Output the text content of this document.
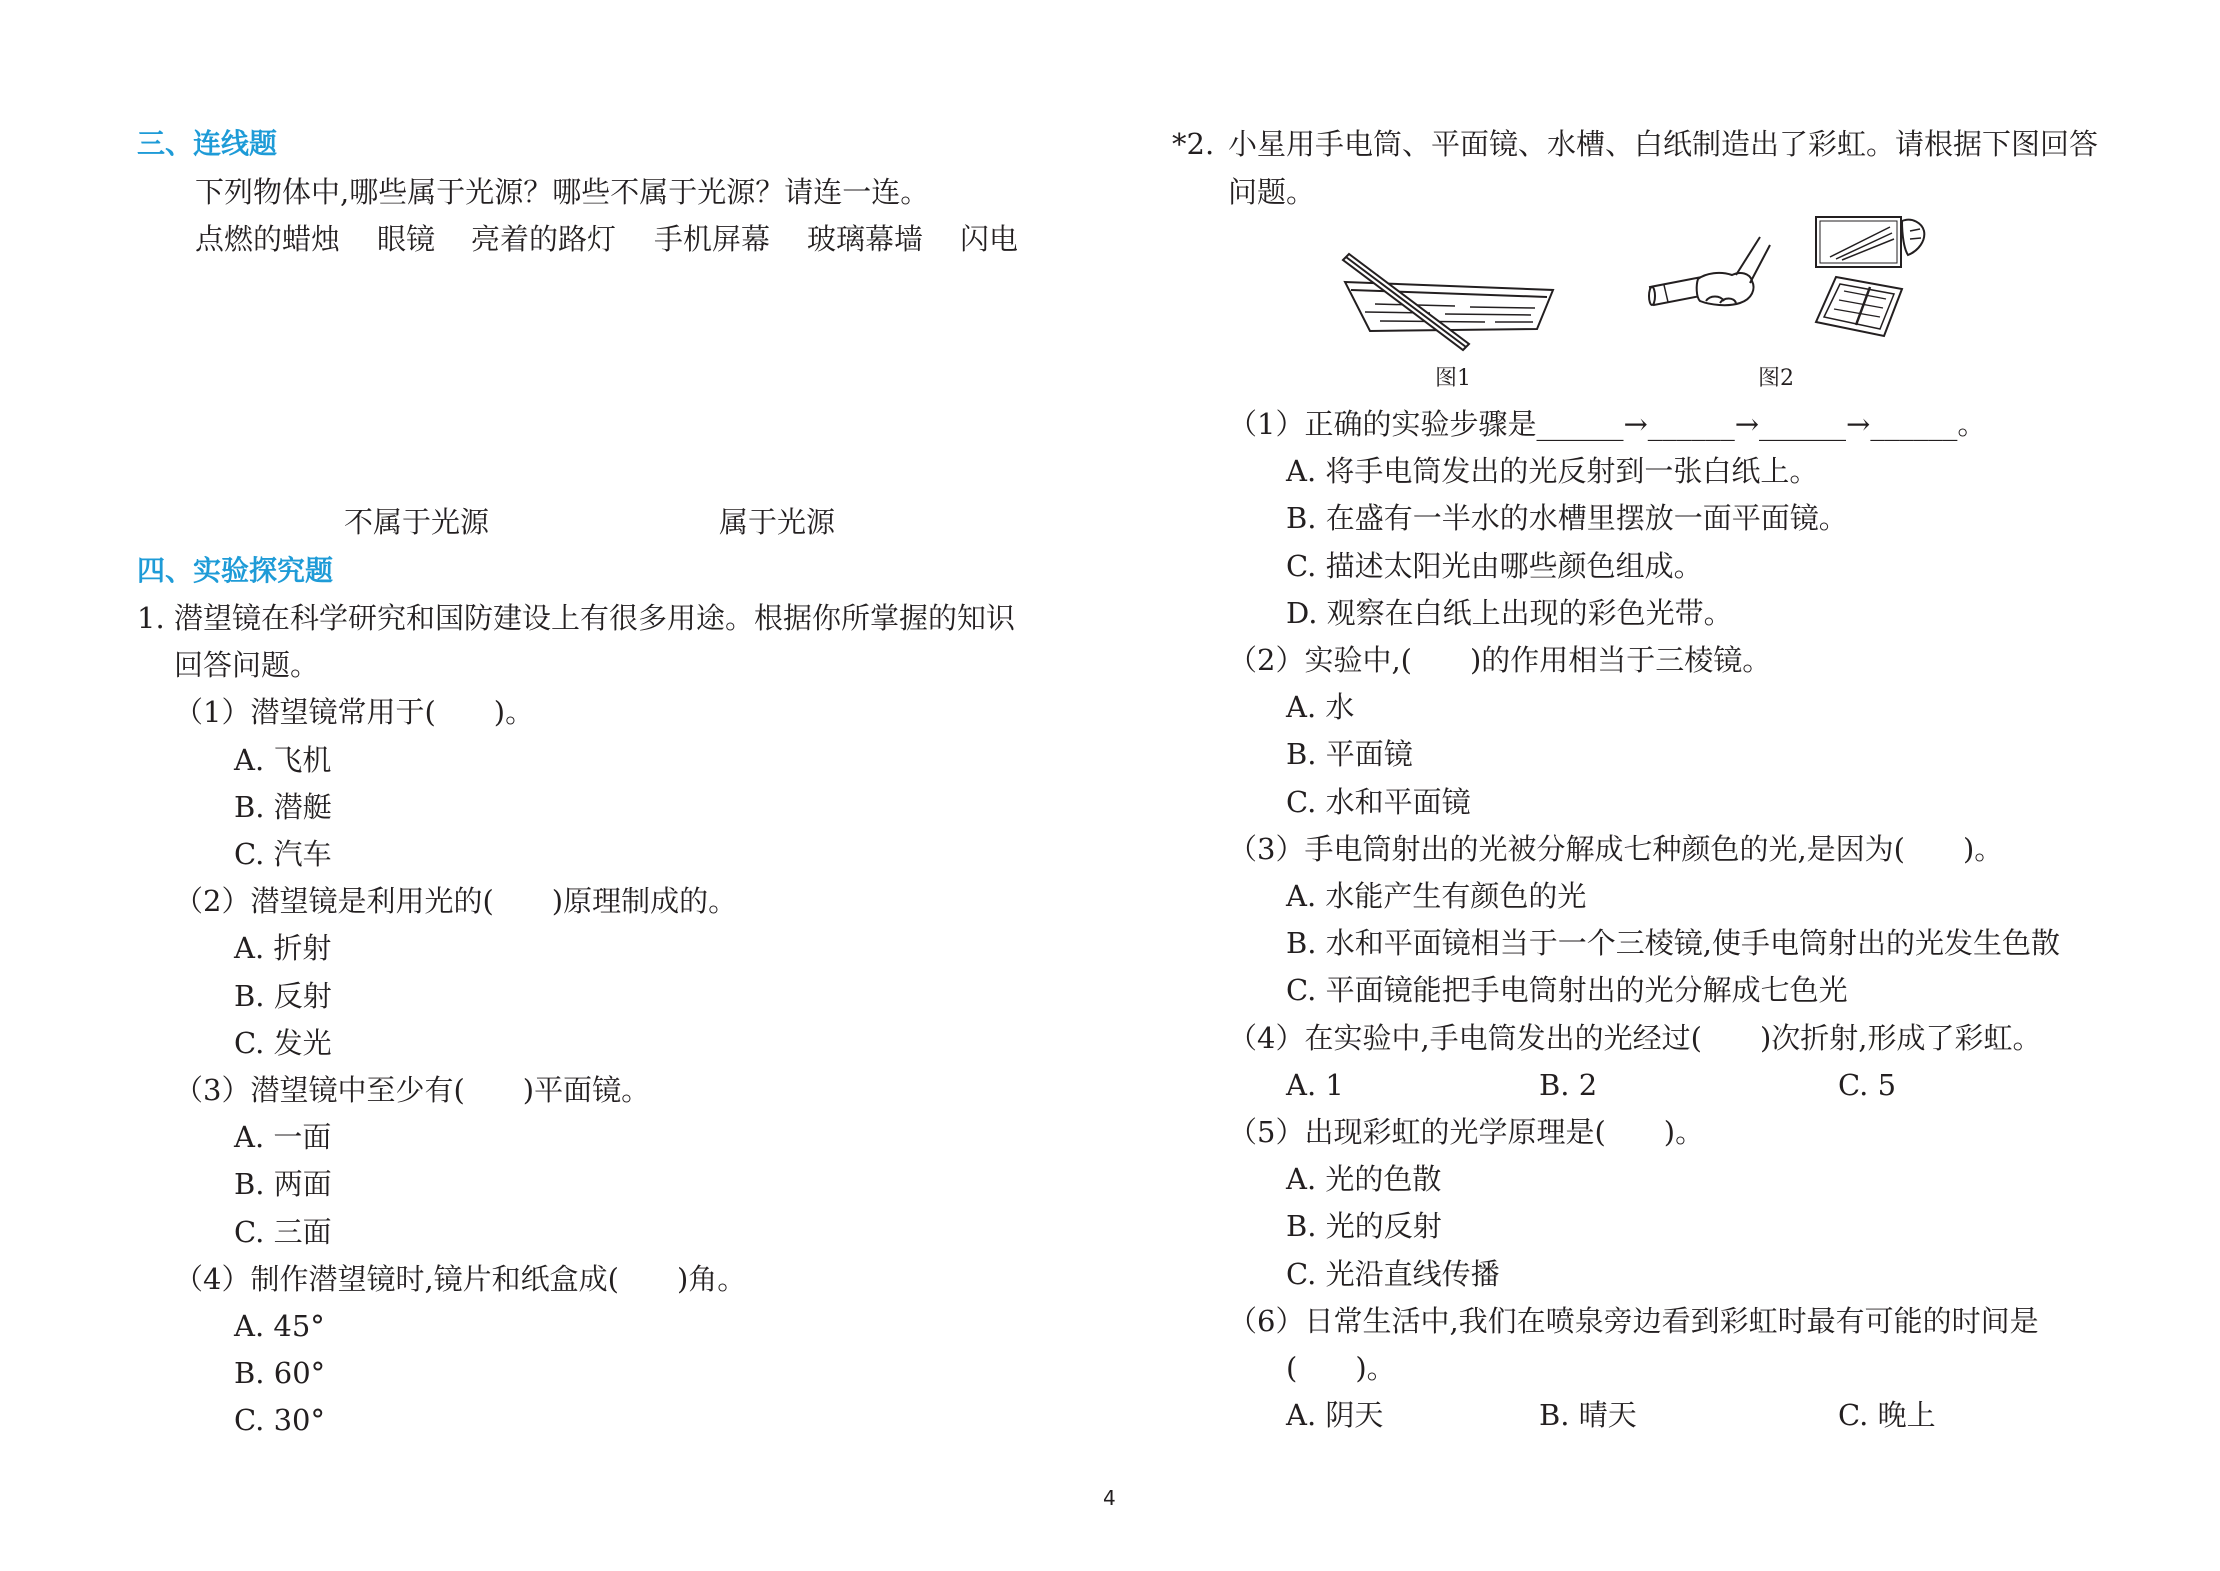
三、连线题
下列物体中,哪些属于光源？哪些不属于光源？请连一连。
点燃的蜡烛 眼镜 亮着的路灯 手机屏幕 玻璃幕墙 闪电
不属于光源	属于光源
四、实验探究题
1. 潜望镜在科学研究和国防建设上有很多用途。根据你所掌握的知识
回答问题。
（1）潜望镜常用于(　　)。
A. 飞机
B. 潜艇
C. 汽车
（2）潜望镜是利用光的(　　)原理制成的。
A. 折射
B. 反射
C. 发光
（3）潜望镜中至少有(　　)平面镜。
A. 一面
B. 两面
C. 三面
（4）制作潜望镜时,镜片和纸盒成(　　)角。
A. 45°
B. 60°
C. 30°
*2. 小星用手电筒、平面镜、水槽、白纸制造出了彩虹。请根据下图回答
问题。
图1	图2
（1）正确的实验步骤是______→______→______→______。
A. 将手电筒发出的光反射到一张白纸上。
B. 在盛有一半水的水槽里摆放一面平面镜。
C. 描述太阳光由哪些颜色组成。
D. 观察在白纸上出现的彩色光带。
（2）实验中,(　　)的作用相当于三棱镜。
A. 水
B. 平面镜
C. 水和平面镜
（3）手电筒射出的光被分解成七种颜色的光,是因为(　　)。
A. 水能产生有颜色的光
B. 水和平面镜相当于一个三棱镜,使手电筒射出的光发生色散
C. 平面镜能把手电筒射出的光分解成七色光
（4）在实验中,手电筒发出的光经过(　　)次折射,形成了彩虹。
A. 1	B. 2	C. 5
（5）出现彩虹的光学原理是(　　)。
A. 光的色散
B. 光的反射
C. 光沿直线传播
（6）日常生活中,我们在喷泉旁边看到彩虹时最有可能的时间是
(　　)。
A. 阴天	B. 晴天	C. 晚上
4
